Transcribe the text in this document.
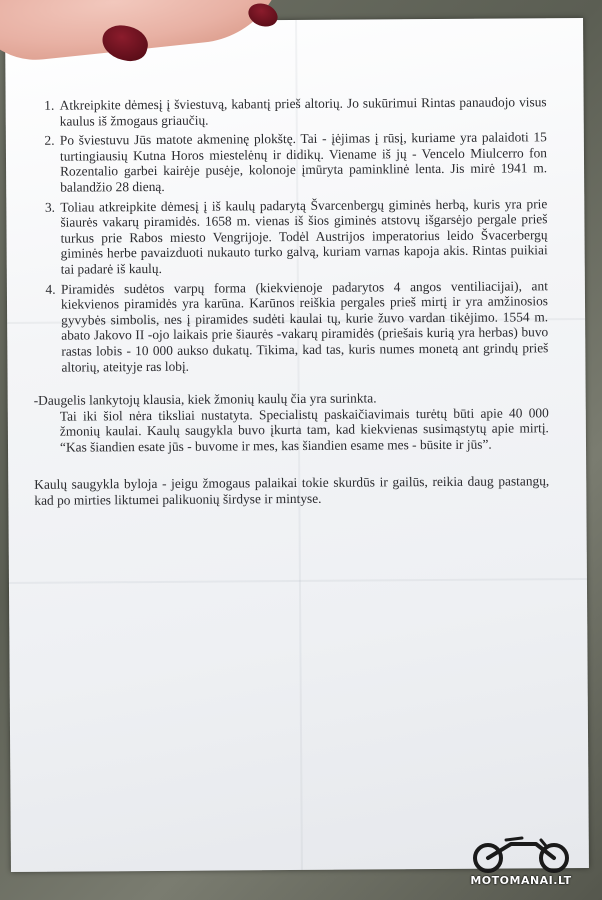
1. Atkreipkite dėmesį į šviestuvą, kabantį prieš altorių. Jo sukūrimui Rintas panaudojo visus kaulus iš žmogaus griaučių.
2. Po šviestuvu Jūs matote akmeninę plokštę. Tai - įėjimas į rūsį, kuriame yra palaidoti 15 turtingiausių Kutna Horos miestelėnų ir didikų. Viename iš jų - Vencelo Miulcerro fon Rozentalio garbei kairėje pusėje, kolonoje įmūryta paminklinė lenta. Jis mirė 1941 m. balandžio 28 dieną.
3. Toliau atkreipkite dėmesį į iš kaulų padarytą Švarcenbergų giminės herbą, kuris yra prie šiaurės vakarų piramidės. 1658 m. vienas iš šios giminės atstovų išgarsėjo pergale prieš turkus prie Rabos miesto Vengrijoje. Todėl Austrijos imperatorius leido Švacerbergų giminės herbe pavaizduoti nukauto turko galvą, kuriam varnas kapoja akis. Rintas puikiai tai padarė iš kaulų.
4. Piramidės sudėtos varpų forma (kiekvienoje padarytos 4 angos ventiliacijai), ant kiekvienos piramidės yra karūna. Karūnos reiškia pergales prieš mirtį ir yra amžinosios gyvybės simbolis, nes į piramides sudėti kaulai tų, kurie žuvo vardan tikėjimo. 1554 m. abato Jakovo II -ojo laikais prie šiaurės -vakarų piramidės (priešais kurią yra herbas) buvo rastas lobis - 10 000 aukso dukatų. Tikima, kad tas, kuris numes monetą ant grindų prieš altorių, ateityje ras lobį.

-Daugelis lankytojų klausia, kiek žmonių kaulų čia yra surinkta.

Tai iki šiol nėra tiksliai nustatyta. Specialistų paskaičiavimais turėtų būti apie 40 000 žmonių kaulai. Kaulų saugykla buvo įkurta tam, kad kiekvienas susimąstytų apie mirtį. “Kas šiandien esate jūs - buvome ir mes, kas šiandien esame mes - būsite ir jūs”.

Kaulų saugykla byloja - jeigu žmogaus palaikai tokie skurdūs ir gailūs, reikia daug pastangų, kad po mirties liktumei palikuonių širdyse ir mintyse.

MOTOMANAI.LT
